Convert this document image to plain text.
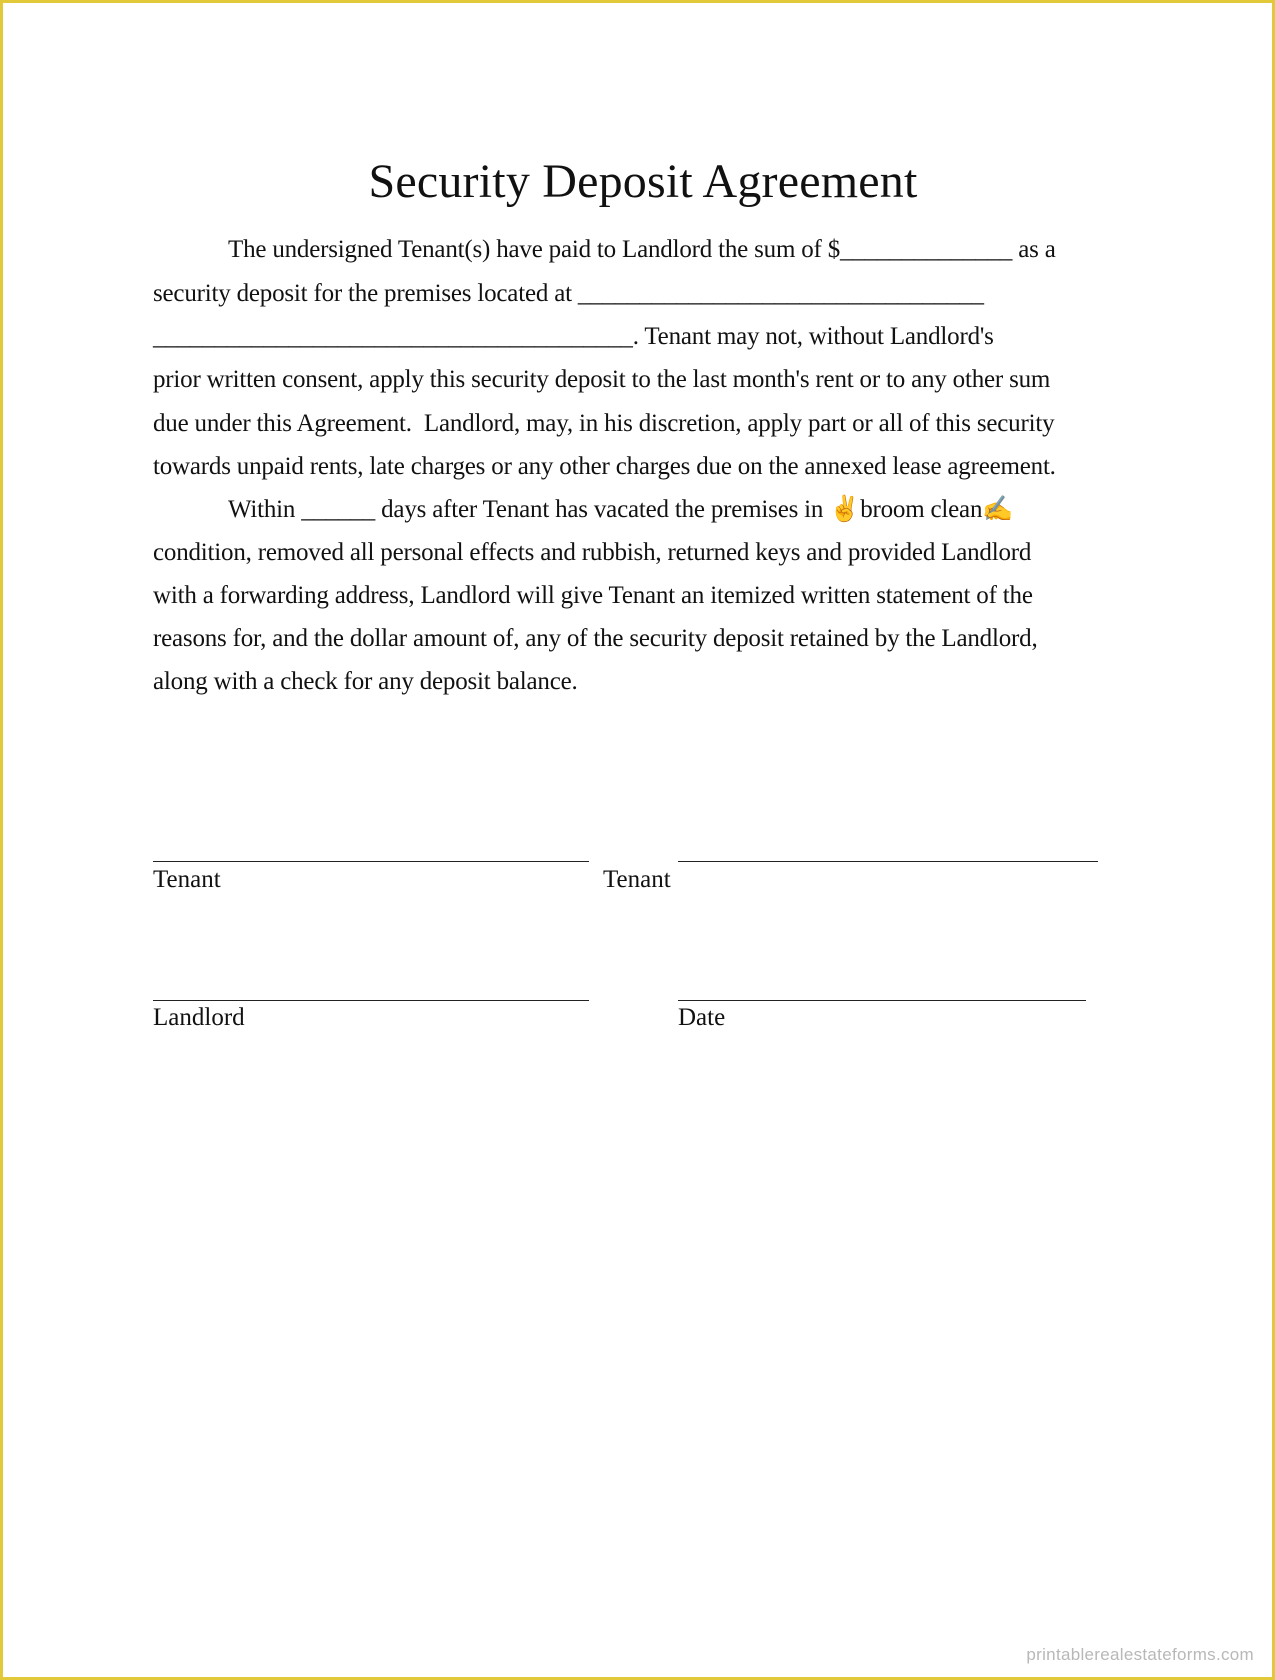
Security Deposit Agreement
The undersigned Tenant(s) have paid to Landlord the sum of $______________ as a
security deposit for the premises located at _________________________________
_______________________________________. Tenant may not, without Landlord's
prior written consent, apply this security deposit to the last month's rent or to any other sum
due under this Agreement.  Landlord, may, in his discretion, apply part or all of this security
towards unpaid rents, late charges or any other charges due on the annexed lease agreement.
Within ______ days after Tenant has vacated the premises in ✌broom clean✍
condition, removed all personal effects and rubbish, returned keys and provided Landlord
with a forwarding address, Landlord will give Tenant an itemized written statement of the
reasons for, and the dollar amount of, any of the security deposit retained by the Landlord,
along with a check for any deposit balance.
Tenant	Tenant
Landlord	Date
printablerealestateforms.com
